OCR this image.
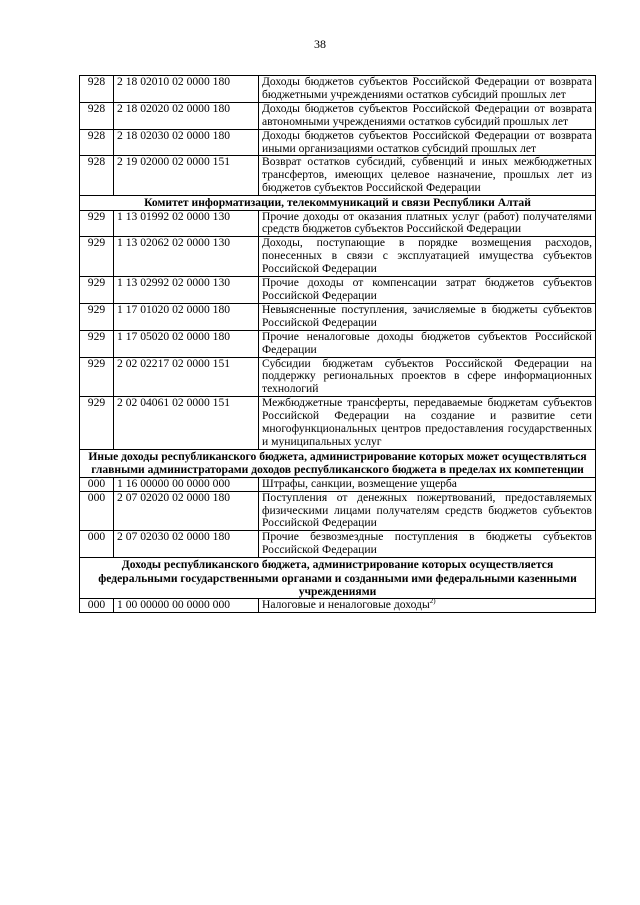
38
928	2 18 02010 02 0000 180	Доходы бюджетов субъектов Российской Федерации от возврата бюджетными учреждениями остатков субсидий прошлых лет
928	2 18 02020 02 0000 180	Доходы бюджетов субъектов Российской Федерации от возврата автономными учреждениями остатков субсидий прошлых лет
928	2 18 02030 02 0000 180	Доходы бюджетов субъектов Российской Федерации от возврата иными организациями остатков субсидий прошлых лет
928	2 19 02000 02 0000 151	Возврат остатков субсидий, субвенций и иных межбюджетных трансфертов, имеющих целевое назначение, прошлых лет из бюджетов субъектов Российской Федерации
Комитет информатизации, телекоммуникаций и связи Республики Алтай		
929	1 13 01992 02 0000 130	Прочие доходы от оказания платных услуг (работ) получателями средств бюджетов субъектов Российской Федерации
929	1 13 02062 02 0000 130	Доходы, поступающие в порядке возмещения расходов, понесенных в связи с эксплуатацией имущества субъектов Российской Федерации
929	1 13 02992 02 0000 130	Прочие доходы от компенсации затрат бюджетов субъектов Российской Федерации
929	1 17 01020 02 0000 180	Невыясненные поступления, зачисляемые в бюджеты субъектов Российской Федерации
929	1 17 05020 02 0000 180	Прочие неналоговые доходы бюджетов субъектов Российской Федерации
929	2 02 02217 02 0000 151	Субсидии бюджетам субъектов Российской Федерации на поддержку региональных проектов в сфере информационных технологий
929	2 02 04061 02 0000 151	Межбюджетные трансферты, передаваемые бюджетам субъектов Российской Федерации на создание и развитие сети многофункциональных центров предоставления государственных и муниципальных услуг
Иные доходы республиканского бюджета, администрирование которых может осуществляться главными администраторами доходов республиканского бюджета в пределах их компетенции		
000	1 16 00000 00 0000 000	Штрафы, санкции, возмещение ущерба
000	2 07 02020 02 0000 180	Поступления от денежных пожертвований, предоставляемых физическими лицами получателям средств бюджетов субъектов Российской Федерации
000	2 07 02030 02 0000 180	Прочие безвозмездные поступления в бюджеты субъектов Российской Федерации
Доходы республиканского бюджета, администрирование которых осуществляется федеральными государственными органами и созданными ими федеральными казенными учреждениями		
000	1 00 00000 00 0000 000	Налоговые и неналоговые доходы$^{2)}$
